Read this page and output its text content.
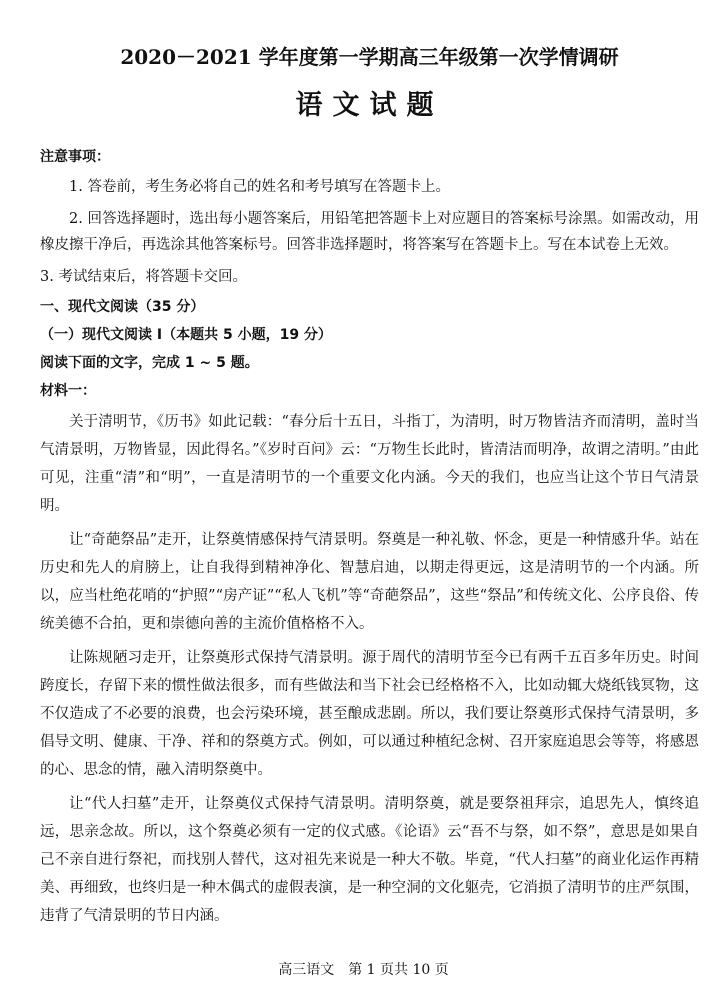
2020－2021 学年度第一学期高三年级第一次学情调研
语文试题
注意事项：
1. 答卷前，考生务必将自己的姓名和考号填写在答题卡上。
2. 回答选择题时，选出每小题答案后，用铅笔把答题卡上对应题目的答案标号涂黑。如需改动，用橡皮擦干净后，再选涂其他答案标号。回答非选择题时，将答案写在答题卡上。写在本试卷上无效。
3. 考试结束后，将答题卡交回。
一、现代文阅读（35 分）
（一）现代文阅读 Ⅰ（本题共 5 小题，19 分）
阅读下面的文字，完成 1 ~ 5 题。
材料一：
关于清明节，《历书》如此记载：“春分后十五日，斗指丁，为清明，时万物皆洁齐而清明，盖时当气清景明，万物皆显，因此得名。”《岁时百问》云：“万物生长此时，皆清洁而明净，故谓之清明。”由此可见，注重“清”和“明”，一直是清明节的一个重要文化内涵。今天的我们，也应当让这个节日气清景明。
让“奇葩祭品”走开，让祭奠情感保持气清景明。祭奠是一种礼敬、怀念，更是一种情感升华。站在历史和先人的肩膀上，让自我得到精神净化、智慧启迪，以期走得更远，这是清明节的一个内涵。所以，应当杜绝花哨的“护照”“房产证”“私人飞机”等“奇葩祭品”，这些“祭品”和传统文化、公序良俗、传统美德不合拍，更和崇德向善的主流价值格格不入。
让陈规陋习走开，让祭奠形式保持气清景明。源于周代的清明节至今已有两千五百多年历史。时间跨度长，存留下来的惯性做法很多，而有些做法和当下社会已经格格不入，比如动辄大烧纸钱冥物，这不仅造成了不必要的浪费，也会污染环境，甚至酿成悲剧。所以，我们要让祭奠形式保持气清景明，多倡导文明、健康、干净、祥和的祭奠方式。例如，可以通过种植纪念树、召开家庭追思会等等，将感恩的心、思念的情，融入清明祭奠中。
让“代人扫墓”走开，让祭奠仪式保持气清景明。清明祭奠，就是要祭祖拜宗，追思先人，慎终追远，思亲念故。所以，这个祭奠必须有一定的仪式感。《论语》云“吾不与祭，如不祭”，意思是如果自己不亲自进行祭祀，而找别人替代，这对祖先来说是一种大不敬。毕竟，“代人扫墓”的商业化运作再精美、再细致，也终归是一种木偶式的虚假表演，是一种空洞的文化躯壳，它消损了清明节的庄严氛围，违背了气清景明的节日内涵。
高三语文　第 1 页共 10 页
